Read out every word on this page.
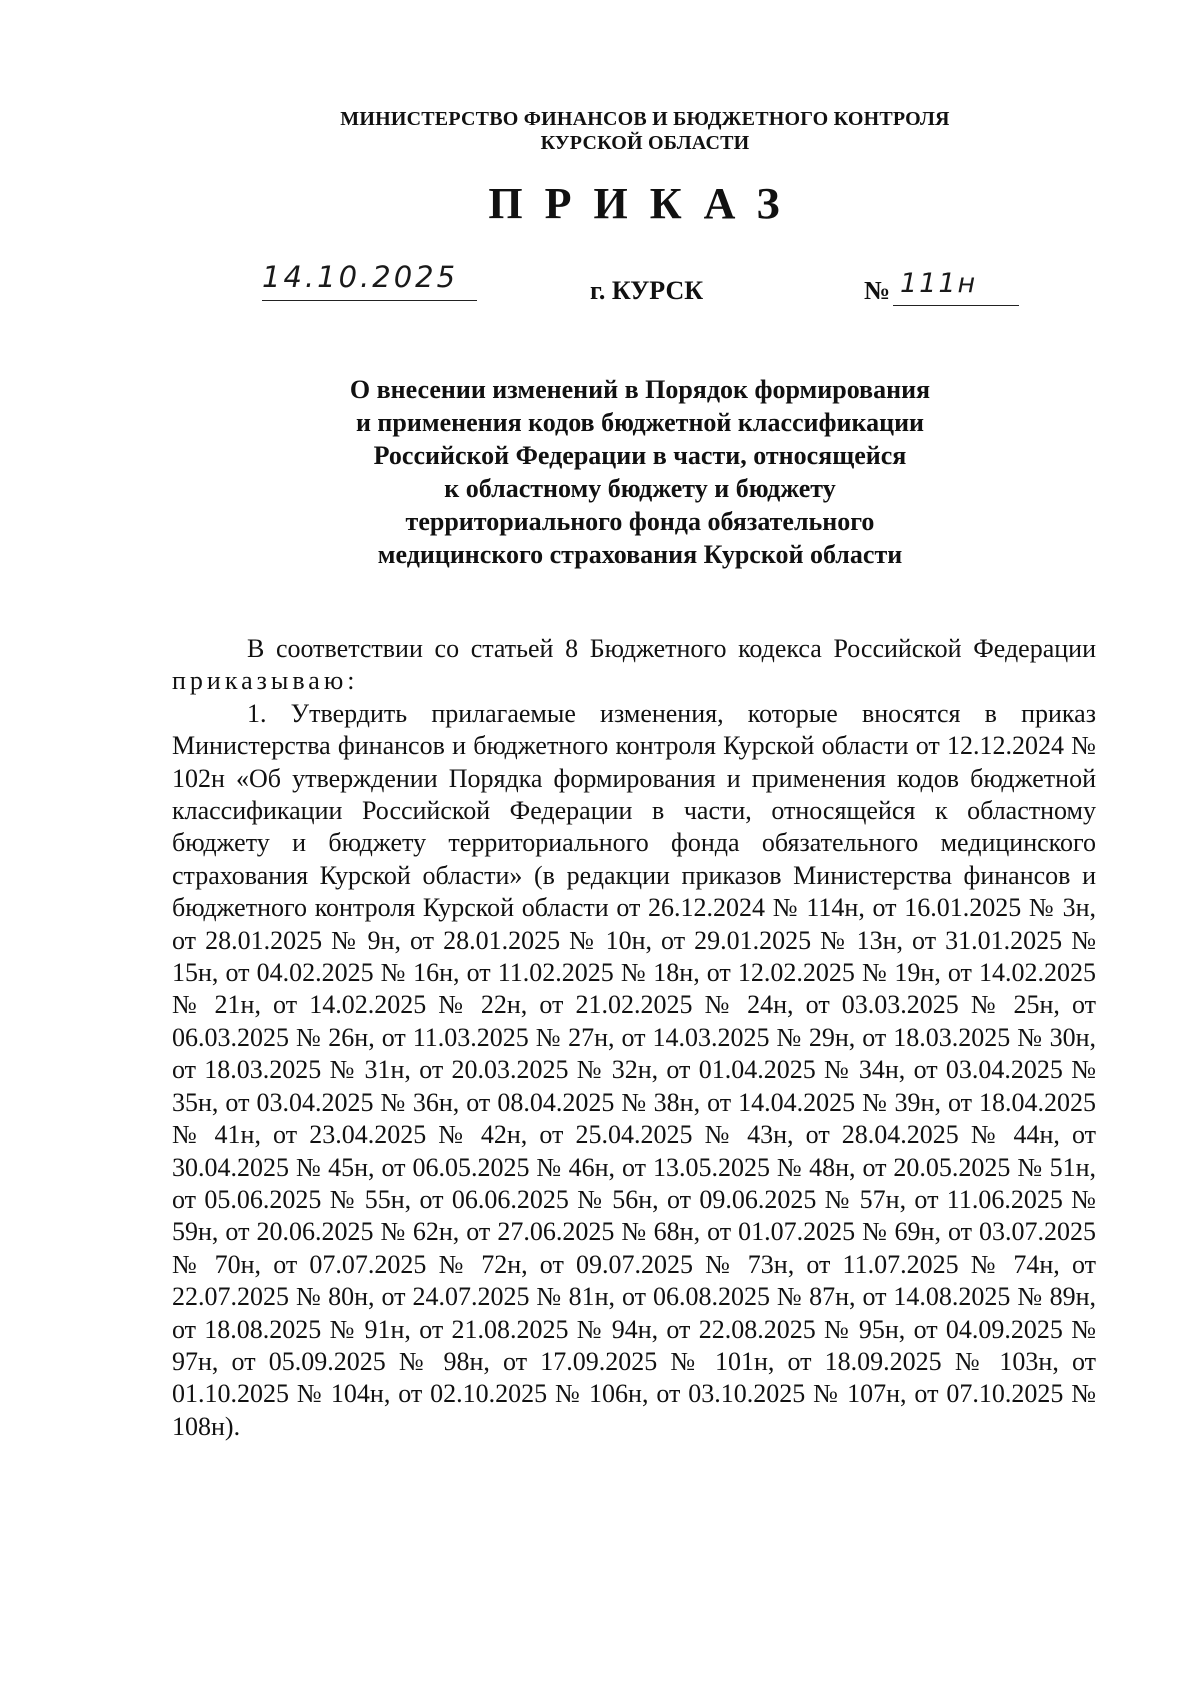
МИНИСТЕРСТВО ФИНАНСОВ И БЮДЖЕТНОГО КОНТРОЛЯ
КУРСКОЙ ОБЛАСТИ
ПРИКАЗ
14.10.2025	г. КУРСК	№ 111н
О внесении изменений в Порядок формирования
и применения кодов бюджетной классификации
Российской Федерации в части, относящейся
к областному бюджету и бюджету
территориального фонда обязательного
медицинского страхования Курской области

В соответствии со статьей 8 Бюджетного кодекса Российской Федерации приказываю:

1. Утвердить прилагаемые изменения, которые вносятся в приказ Министерства финансов и бюджетного контроля Курской области от 12.12.2024 № 102н «Об утверждении Порядка формирования и применения кодов бюджетной классификации Российской Федерации в части, относящейся к областному бюджету и бюджету территориального фонда обязательного медицинского страхования Курской области» (в редакции приказов Министерства финансов и бюджетного контроля Курской области от 26.12.2024 № 114н, от 16.01.2025 № 3н, от 28.01.2025 № 9н, от 28.01.2025 № 10н, от 29.01.2025 № 13н, от 31.01.2025 № 15н, от 04.02.2025 № 16н, от 11.02.2025 № 18н, от 12.02.2025 № 19н, от 14.02.2025 № 21н, от 14.02.2025 № 22н, от 21.02.2025 № 24н, от 03.03.2025 № 25н, от 06.03.2025 № 26н, от 11.03.2025 № 27н, от 14.03.2025 № 29н, от 18.03.2025 № 30н, от 18.03.2025 № 31н, от 20.03.2025 № 32н, от 01.04.2025 № 34н, от 03.04.2025 № 35н, от 03.04.2025 № 36н, от 08.04.2025 № 38н, от 14.04.2025 № 39н, от 18.04.2025 № 41н, от 23.04.2025 № 42н, от 25.04.2025 № 43н, от 28.04.2025 № 44н, от 30.04.2025 № 45н, от 06.05.2025 № 46н, от 13.05.2025 № 48н, от 20.05.2025 № 51н, от 05.06.2025 № 55н, от 06.06.2025 № 56н, от 09.06.2025 № 57н, от 11.06.2025 № 59н, от 20.06.2025 № 62н, от 27.06.2025 № 68н, от 01.07.2025 № 69н, от 03.07.2025 № 70н, от 07.07.2025 № 72н, от 09.07.2025 № 73н, от 11.07.2025 № 74н, от 22.07.2025 № 80н, от 24.07.2025 № 81н, от 06.08.2025 № 87н, от 14.08.2025 № 89н, от 18.08.2025 № 91н, от 21.08.2025 № 94н, от 22.08.2025 № 95н, от 04.09.2025 № 97н, от 05.09.2025 № 98н, от 17.09.2025 № 101н, от 18.09.2025 № 103н, от 01.10.2025 № 104н, от 02.10.2025 № 106н, от 03.10.2025 № 107н, от 07.10.2025 № 108н).
